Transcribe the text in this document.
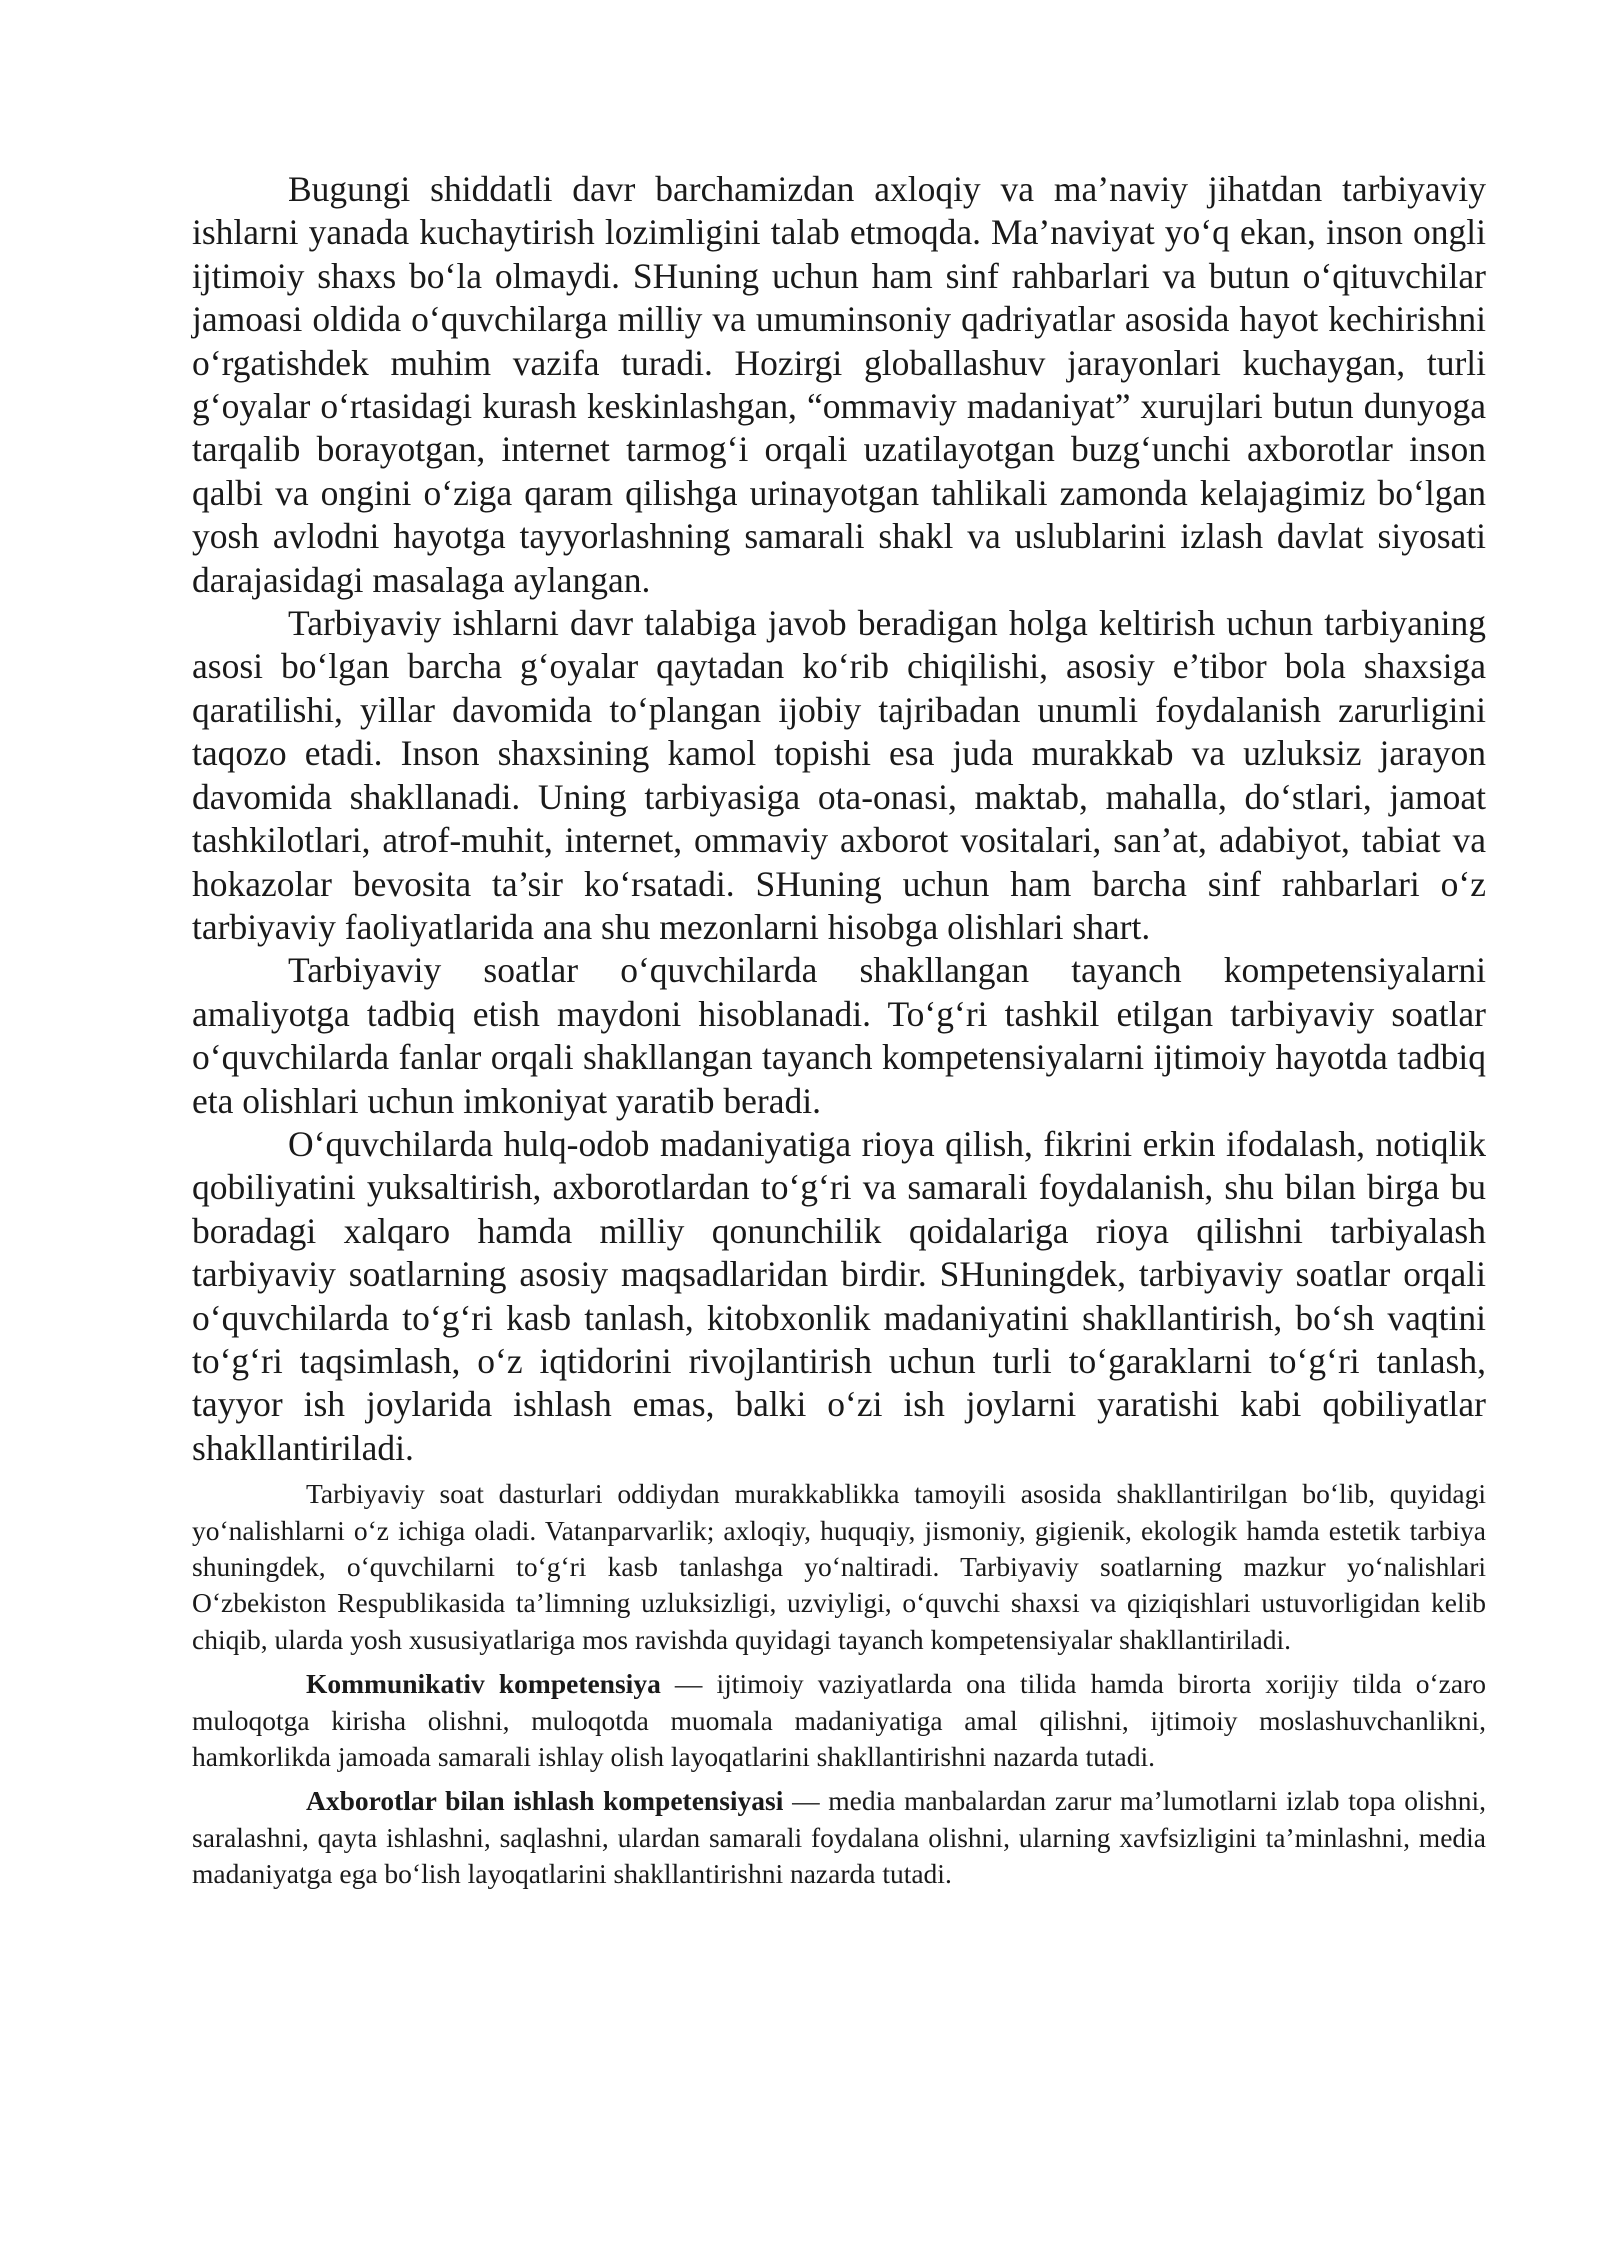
Bugungi shiddatli davr barchamizdan axloqiy va ma’naviy jihatdan tarbiyaviy ishlarni yanada kuchaytirish lozimligini talab etmoqda. Ma’naviyat yo‘q ekan, inson ongli ijtimoiy shaxs bo‘la olmaydi. SHuning uchun ham sinf rahbarlari va butun o‘qituvchilar jamoasi oldida o‘quvchilarga milliy va umuminsoniy qadriyatlar asosida hayot kechirishni o‘rgatishdek muhim vazifa turadi. Hozirgi globallashuv jarayonlari kuchaygan, turli g‘oyalar o‘rtasidagi kurash keskinlashgan, “ommaviy madaniyat” xurujlari butun dunyoga tarqalib borayotgan, internet tarmog‘i orqali uzatilayotgan buzg‘unchi axborotlar inson qalbi va ongini o‘ziga qaram qilishga urinayotgan tahlikali zamonda kelajagimiz bo‘lgan yosh avlodni hayotga tayyorlashning samarali shakl va uslublarini izlash davlat siyosati darajasidagi masalaga aylangan.

Tarbiyaviy ishlarni davr talabiga javob beradigan holga keltirish uchun tarbiyaning asosi bo‘lgan barcha g‘oyalar qaytadan ko‘rib chiqilishi, asosiy e’tibor bola shaxsiga qaratilishi, yillar davomida to‘plangan ijobiy tajribadan unumli foydalanish zarurligini taqozo etadi. Inson shaxsining kamol topishi esa juda murakkab va uzluksiz jarayon davomida shakllanadi. Uning tarbiyasiga ota-onasi, maktab, mahalla, do‘stlari, jamoat tashkilotlari, atrof-muhit, internet, ommaviy axborot vositalari, san’at, adabiyot, tabiat va hokazolar bevosita ta’sir ko‘rsatadi. SHuning uchun ham barcha sinf rahbarlari o‘z tarbiyaviy faoliyatlarida ana shu mezonlarni hisobga olishlari shart.

Tarbiyaviy soatlar o‘quvchilarda shakllangan tayanch kompetensiyalarni amaliyotga tadbiq etish maydoni hisoblanadi. To‘g‘ri tashkil etilgan tarbiyaviy soatlar o‘quvchilarda fanlar orqali shakllangan tayanch kompetensiyalarni ijtimoiy hayotda tadbiq eta olishlari uchun imkoniyat yaratib beradi.

O‘quvchilarda hulq-odob madaniyatiga rioya qilish, fikrini erkin ifodalash, notiqlik qobiliyatini yuksaltirish, axborotlardan to‘g‘ri va samarali foydalanish, shu bilan birga bu boradagi xalqaro hamda milliy qonunchilik qoidalariga rioya qilishni tarbiyalash tarbiyaviy soatlarning asosiy maqsadlaridan birdir. SHuningdek, tarbiyaviy soatlar orqali o‘quvchilarda to‘g‘ri kasb tanlash, kitobxonlik madaniyatini shakllantirish, bo‘sh vaqtini to‘g‘ri taqsimlash, o‘z iqtidorini rivojlantirish uchun turli to‘garaklarni to‘g‘ri tanlash, tayyor ish joylarida ishlash emas, balki o‘zi ish joylarni yaratishi kabi qobiliyatlar shakllantiriladi.

Tarbiyaviy soat dasturlari oddiydan murakkablikka tamoyili asosida shakllantirilgan bo‘lib, quyidagi yo‘nalishlarni o‘z ichiga oladi. Vatanparvarlik; axloqiy, huquqiy, jismoniy, gigienik, ekologik hamda estetik tarbiya shuningdek, o‘quvchilarni to‘g‘ri kasb tanlashga yo‘naltiradi. Tarbiyaviy soatlarning mazkur yo‘nalishlari O‘zbekiston Respublikasida ta’limning uzluksizligi, uzviyligi, o‘quvchi shaxsi va qiziqishlari ustuvorligidan kelib chiqib, ularda yosh xususiyatlariga mos ravishda quyidagi tayanch kompetensiyalar shakllantiriladi.

Kommunikativ kompetensiya — ijtimoiy vaziyatlarda ona tilida hamda birorta xorijiy tilda o‘zaro muloqotga kirisha olishni, muloqotda muomala madaniyatiga amal qilishni, ijtimoiy moslashuvchanlikni, hamkorlikda jamoada samarali ishlay olish layoqatlarini shakllantirishni nazarda tutadi.

Axborotlar bilan ishlash kompetensiyasi — media manbalardan zarur ma’lumotlarni izlab topa olishni, saralashni, qayta ishlashni, saqlashni, ulardan samarali foydalana olishni, ularning xavfsizligini ta’minlashni, media madaniyatga ega bo‘lish layoqatlarini shakllantirishni nazarda tutadi.
